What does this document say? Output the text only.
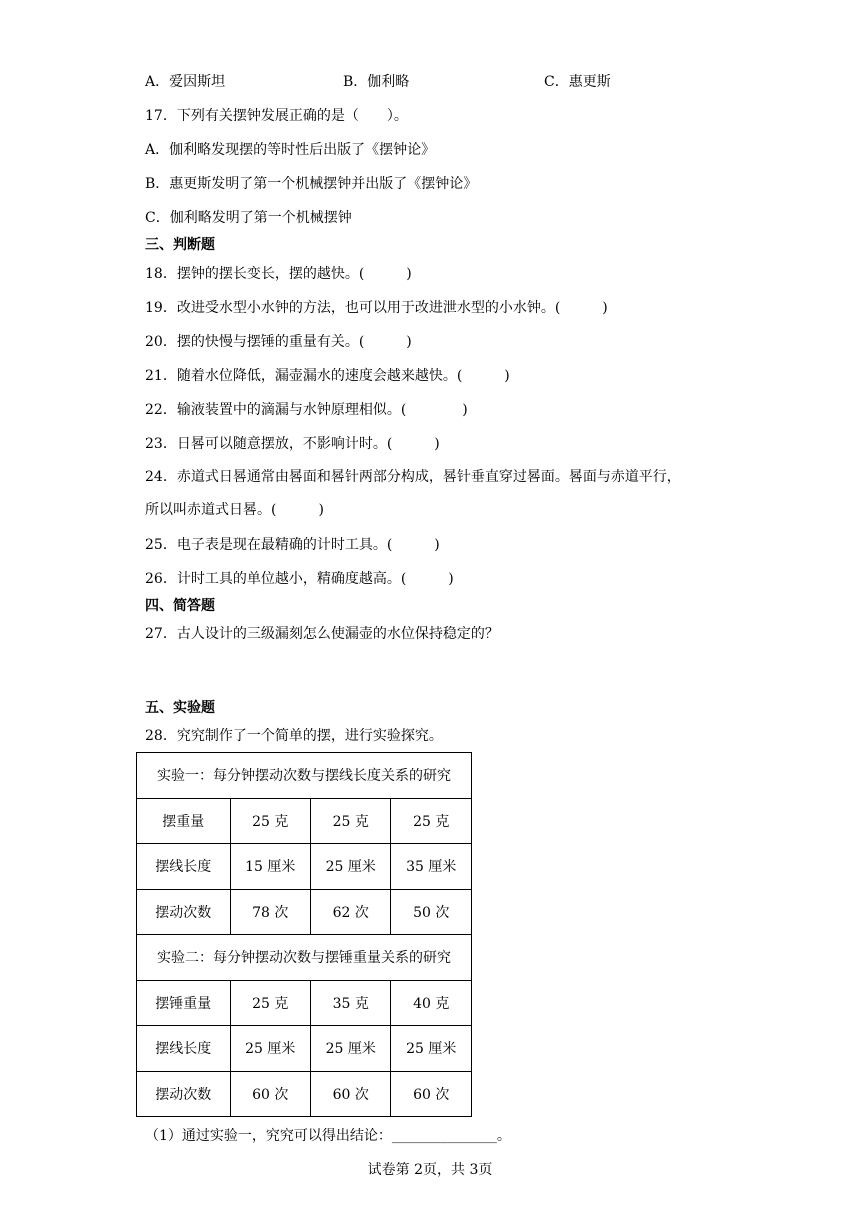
A．爱因斯坦	B．伽利略	C．惠更斯
17．下列有关摆钟发展正确的是（　　）。
A．伽利略发现摆的等时性后出版了《摆钟论》
B．惠更斯发明了第一个机械摆钟并出版了《摆钟论》
C．伽利略发明了第一个机械摆钟
三、判断题
18．摆钟的摆长变长，摆的越快。(　　　)
19．改进受水型小水钟的方法，也可以用于改进泄水型的小水钟。(　　　)
20．摆的快慢与摆锤的重量有关。(　　　)
21．随着水位降低，漏壶漏水的速度会越来越快。(　　　)
22．输液装置中的滴漏与水钟原理相似。(　　　　)
23．日晷可以随意摆放，不影响计时。(　　　)
24．赤道式日晷通常由晷面和晷针两部分构成，晷针垂直穿过晷面。晷面与赤道平行，
所以叫赤道式日晷。(　　　)
25．电子表是现在最精确的计时工具。(　　　)
26．计时工具的单位越小，精确度越高。(　　　)
四、简答题
27．古人设计的三级漏刻怎么使漏壶的水位保持稳定的？
五、实验题
28．究究制作了一个简单的摆，进行实验探究。
实验一：每分钟摆动次数与摆线长度关系的研究			
摆重量	25 克	25 克	25 克
摆线长度	15 厘米	25 厘米	35 厘米
摆动次数	78 次	62 次	50 次
实验二：每分钟摆动次数与摆锤重量关系的研究			
摆锤重量	25 克	35 克	40 克
摆线长度	25 厘米	25 厘米	25 厘米
摆动次数	60 次	60 次	60 次
（1）通过实验一，究究可以得出结论：_______________。
试卷第 2页，共 3页
